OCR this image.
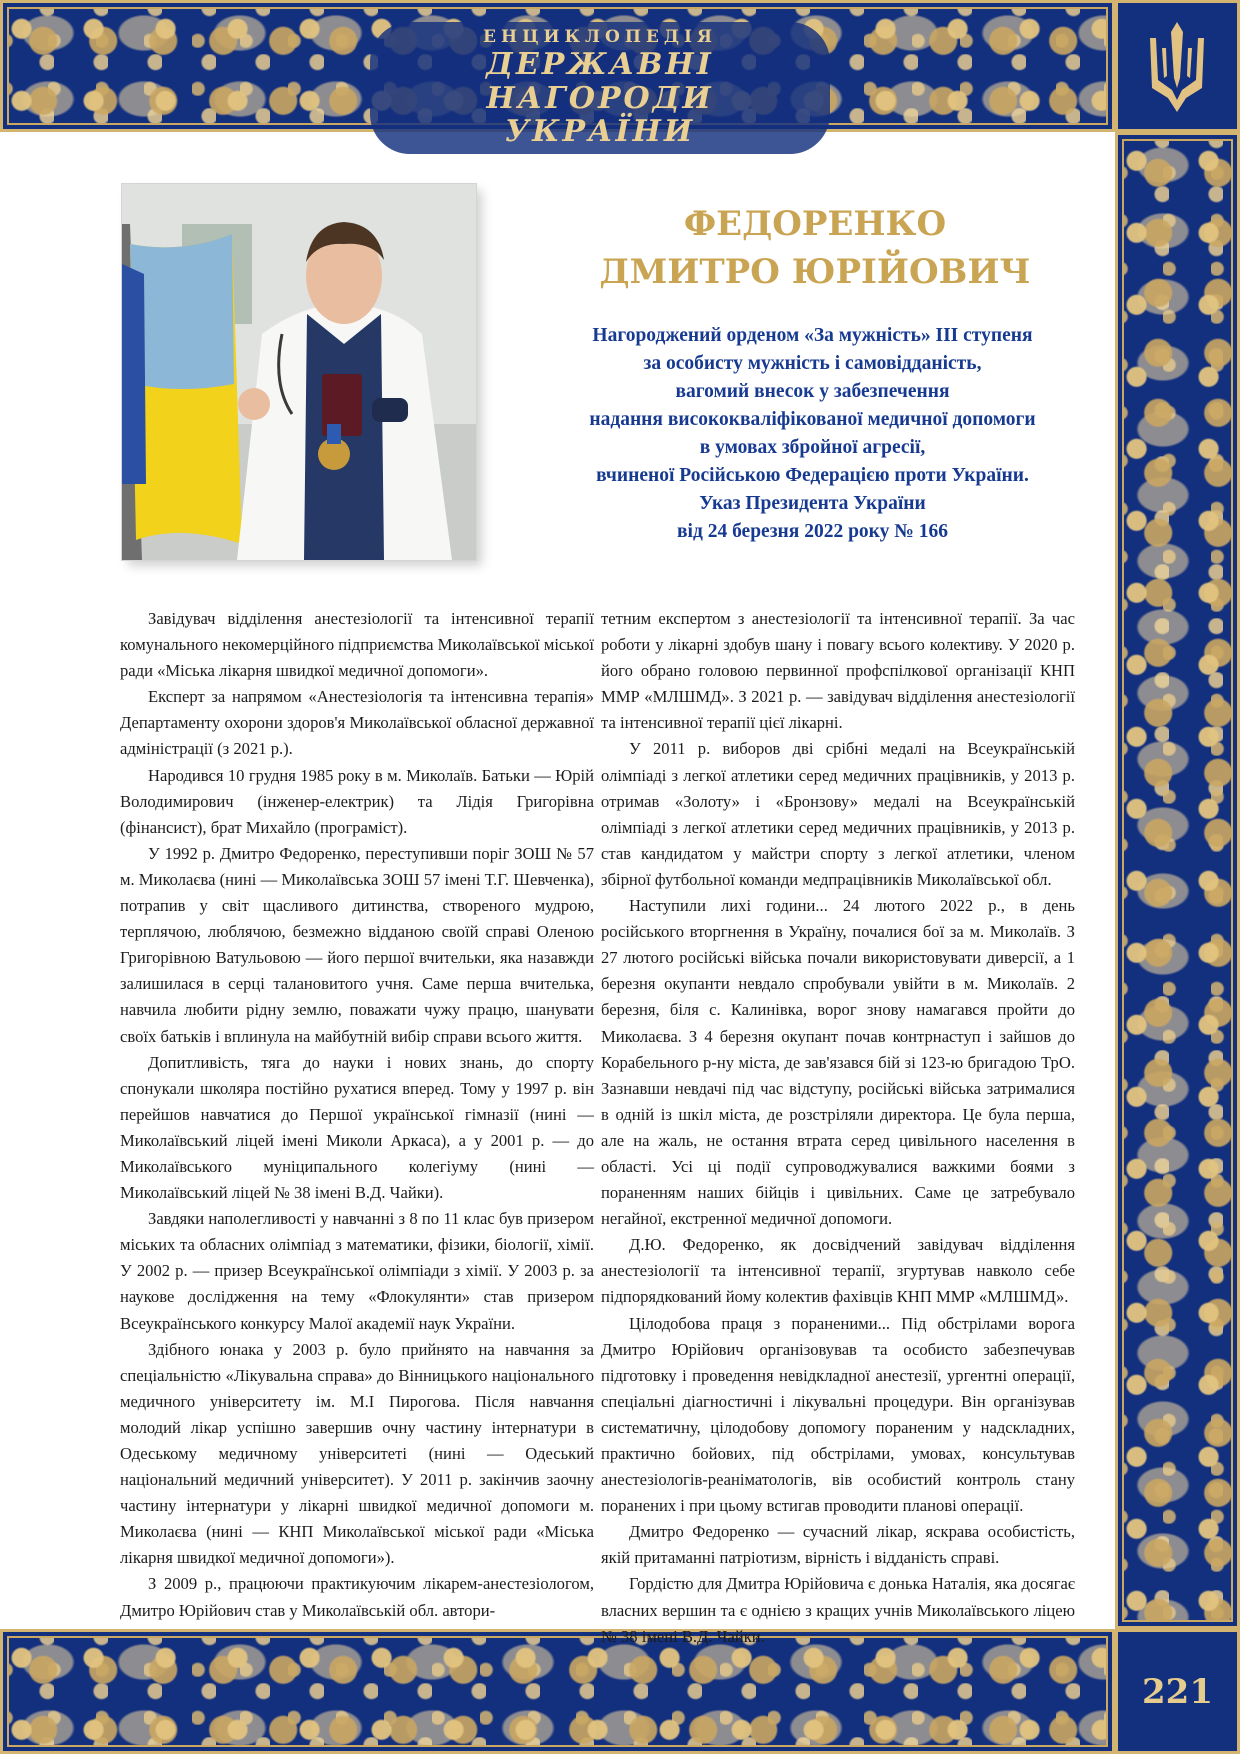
ЕНЦИКЛОПЕДІЯ
ДЕРЖАВНІ НАГОРОДИ
УКРАЇНИ
ФЕДОРЕНКО
ДМИТРО ЮРІЙОВИЧ
Нагороджений орденом «За мужність» ІІІ ступеня
за особисту мужність і самовідданість,
вагомий внесок у забезпечення
надання висококваліфікованої медичної допомоги
в умовах збройної агресії,
вчиненої Російською Федерацією проти України.
Указ Президента України
від 24 березня 2022 року № 166

Завідувач відділення анестезіології та інтенсивної терапії комунального некомерційного підприємства Миколаївської міської ради «Міська лікарня швидкої медичної допомоги».

Експерт за напрямом «Анестезіологія та інтенсивна терапія» Департаменту охорони здоров'я Миколаївської обласної державної адміністрації (з 2021 р.).

Народився 10 грудня 1985 року в м. Миколаїв. Батьки — Юрій Володимирович (інженер-електрик) та Лідія Григорівна (фінансист), брат Михайло (програміст).

У 1992 р. Дмитро Федоренко, переступивши поріг ЗОШ № 57 м. Миколаєва (нині — Миколаївська ЗОШ 57 імені Т.Г. Шевченка), потрапив у світ щасливого дитинства, створеного мудрою, терплячою, люблячою, безмежно відданою своїй справі Оленою Григорівною Ватульовою — його першої вчительки, яка назавжди залишилася в серці талановитого учня. Саме перша вчителька, навчила любити рідну землю, поважати чужу працю, шанувати своїх батьків і вплинула на майбутній вибір справи всього життя.

Допитливість, тяга до науки і нових знань, до спорту спонукали школяра постійно рухатися вперед. Тому у 1997 р. він перейшов навчатися до Першої української гімназії (нині — Миколаївський ліцей імені Миколи Аркаса), а у 2001 р. — до Миколаївського муніципального колегіуму (нині — Миколаївський ліцей № 38 імені В.Д. Чайки).

Завдяки наполегливості у навчанні з 8 по 11 клас був призером міських та обласних олімпіад з математики, фізики, біології, хімії. У 2002 р. — призер Всеукраїнської олімпіади з хімії. У 2003 р. за наукове дослідження на тему «Флокулянти» став призером Всеукраїнського конкурсу Малої академії наук України.

Здібного юнака у 2003 р. було прийнято на навчання за спеціальністю «Лікувальна справа» до Вінницького національного медичного університету ім. М.І Пирогова. Після навчання молодий лікар успішно завершив очну частину інтернатури в Одеському медичному університеті (нині — Одеський національний медичний університет). У 2011 р. закінчив заочну частину інтернатури у лікарні швидкої медичної допомоги м. Миколаєва (нині — КНП Миколаївської міської ради «Міська лікарня швидкої медичної допомоги»).

З 2009 р., працюючи практикуючим лікарем-анестезіологом, Дмитро Юрійович став у Миколаївській обл. автори-

тетним експертом з анестезіології та інтенсивної терапії. За час роботи у лікарні здобув шану і повагу всього колективу. У 2020 р. його обрано головою первинної профспілкової організації КНП ММР «МЛШМД». З 2021 р. — завідувач відділення анестезіології та інтенсивної терапії цієї лікарні.

У 2011 р. виборов дві срібні медалі на Всеукраїнській олімпіаді з легкої атлетики серед медичних працівників, у 2013 р. отримав «Золоту» і «Бронзову» медалі на Всеукраїнській олімпіаді з легкої атлетики серед медичних працівників, у 2013 р. став кандидатом у майстри спорту з легкої атлетики, членом збірної футбольної команди медпрацівників Миколаївської обл.

Наступили лихі години... 24 лютого 2022 р., в день російського вторгнення в Україну, почалися бої за м. Миколаїв. З 27 лютого російські війська почали використовувати диверсії, а 1 березня окупанти невдало спробували увійти в м. Миколаїв. 2 березня, біля с. Калинівка, ворог знову намагався пройти до Миколаєва. З 4 березня окупант почав контрнаступ і зайшов до Корабельного р-ну міста, де зав'язався бій зі 123-ю бригадою ТрО. Зазнавши невдачі під час відступу, російські війська затрималися в одній із шкіл міста, де розстріляли директора. Це була перша, але на жаль, не остання втрата серед цивільного населення в області. Усі ці події супроводжувалися важкими боями з пораненням наших бійців і цивільних. Саме це затребувало негайної, екстренної медичної допомоги.

Д.Ю. Федоренко, як досвідчений завідувач відділення анестезіології та інтенсивної терапії, згуртував навколо себе підпорядкований йому колектив фахівців КНП ММР «МЛШМД».

Цілодобова праця з пораненими... Під обстрілами ворога Дмитро Юрійович організовував та особисто забезпечував підготовку і проведення невідкладної анестезії, ургентні операції, спеціальні діагностичні і лікувальні процедури. Він організував систематичну, цілодобову допомогу пораненим у надскладних, практично бойових, під обстрілами, умовах, консультував анестезіологів-реаніматологів, вів особистий контроль стану поранених і при цьому встигав проводити планові операції.

Дмитро Федоренко — сучасний лікар, яскрава особистість, якій притаманні патріотизм, вірність і відданість справі.

Гордістю для Дмитра Юрійовича є донька Наталія, яка досягає власних вершин та є однією з кращих учнів Миколаївського ліцею № 38 імені В.Д. Чайки.

221
